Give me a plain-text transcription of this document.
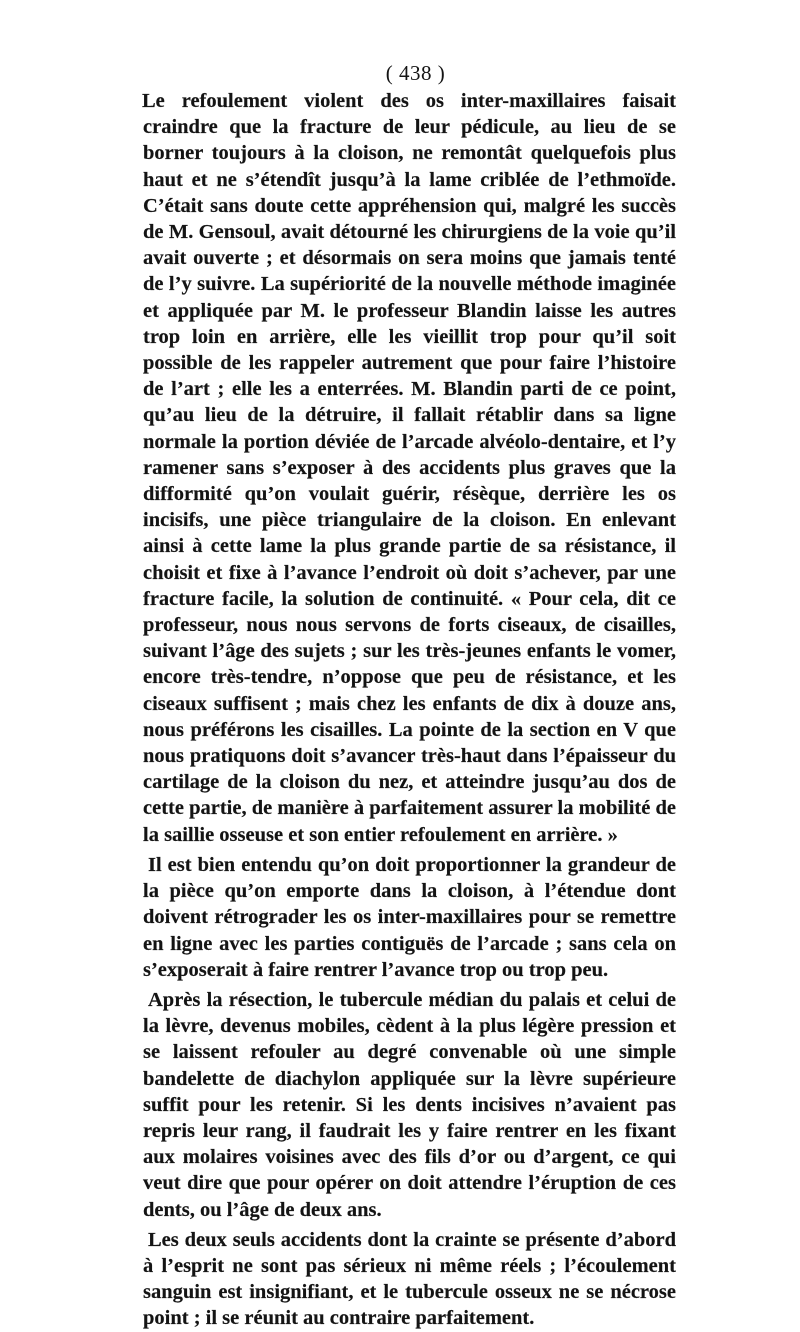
( 438 )

Le refoulement violent des os inter-maxillaires faisait craindre que la fracture de leur pédicule, au lieu de se borner toujours à la cloison, ne remontât quelquefois plus haut et ne s’étendît jusqu’à la lame criblée de l’ethmoïde. C’était sans doute cette appréhension qui, malgré les succès de M. Gensoul, avait détourné les chirurgiens de la voie qu’il avait ouverte ; et désormais on sera moins que jamais tenté de l’y suivre. La supériorité de la nouvelle méthode imaginée et appliquée par M. le professeur Blandin laisse les autres trop loin en arrière, elle les vieillit trop pour qu’il soit possible de les rappeler autrement que pour faire l’histoire de l’art ; elle les a enterrées. M. Blandin parti de ce point, qu’au lieu de la détruire, il fallait rétablir dans sa ligne normale la portion déviée de l’arcade alvéolo-dentaire, et l’y ramener sans s’exposer à des accidents plus graves que la difformité qu’on voulait guérir, résèque, derrière les os incisifs, une pièce triangulaire de la cloison. En enlevant ainsi à cette lame la plus grande partie de sa résistance, il choisit et fixe à l’avance l’endroit où doit s’achever, par une fracture facile, la solution de continuité. « Pour cela, dit ce professeur, nous nous servons de forts ciseaux, de cisailles, suivant l’âge des sujets ; sur les très-jeunes enfants le vomer, encore très-tendre, n’oppose que peu de résistance, et les ciseaux suffisent ; mais chez les enfants de dix à douze ans, nous préférons les cisailles. La pointe de la section en V que nous pratiquons doit s’avancer très-haut dans l’épaisseur du cartilage de la cloison du nez, et atteindre jusqu’au dos de cette partie, de manière à parfaitement assurer la mobilité de la saillie osseuse et son entier refoulement en arrière. »

Il est bien entendu qu’on doit proportionner la grandeur de la pièce qu’on emporte dans la cloison, à l’étendue dont doivent rétrograder les os inter-maxillaires pour se remettre en ligne avec les parties contiguës de l’arcade ; sans cela on s’exposerait à faire rentrer l’avance trop ou trop peu.

Après la résection, le tubercule médian du palais et celui de la lèvre, devenus mobiles, cèdent à la plus légère pression et se laissent refouler au degré convenable où une simple bandelette de diachylon appliquée sur la lèvre supérieure suffit pour les retenir. Si les dents incisives n’avaient pas repris leur rang, il faudrait les y faire rentrer en les fixant aux molaires voisines avec des fils d’or ou d’argent, ce qui veut dire que pour opérer on doit attendre l’éruption de ces dents, ou l’âge de deux ans.

Les deux seuls accidents dont la crainte se présente d’abord à l’esprit ne sont pas sérieux ni même réels ; l’écoulement sanguin est insignifiant, et le tubercule osseux ne se nécrose point ; il se réunit au contraire parfaitement.
